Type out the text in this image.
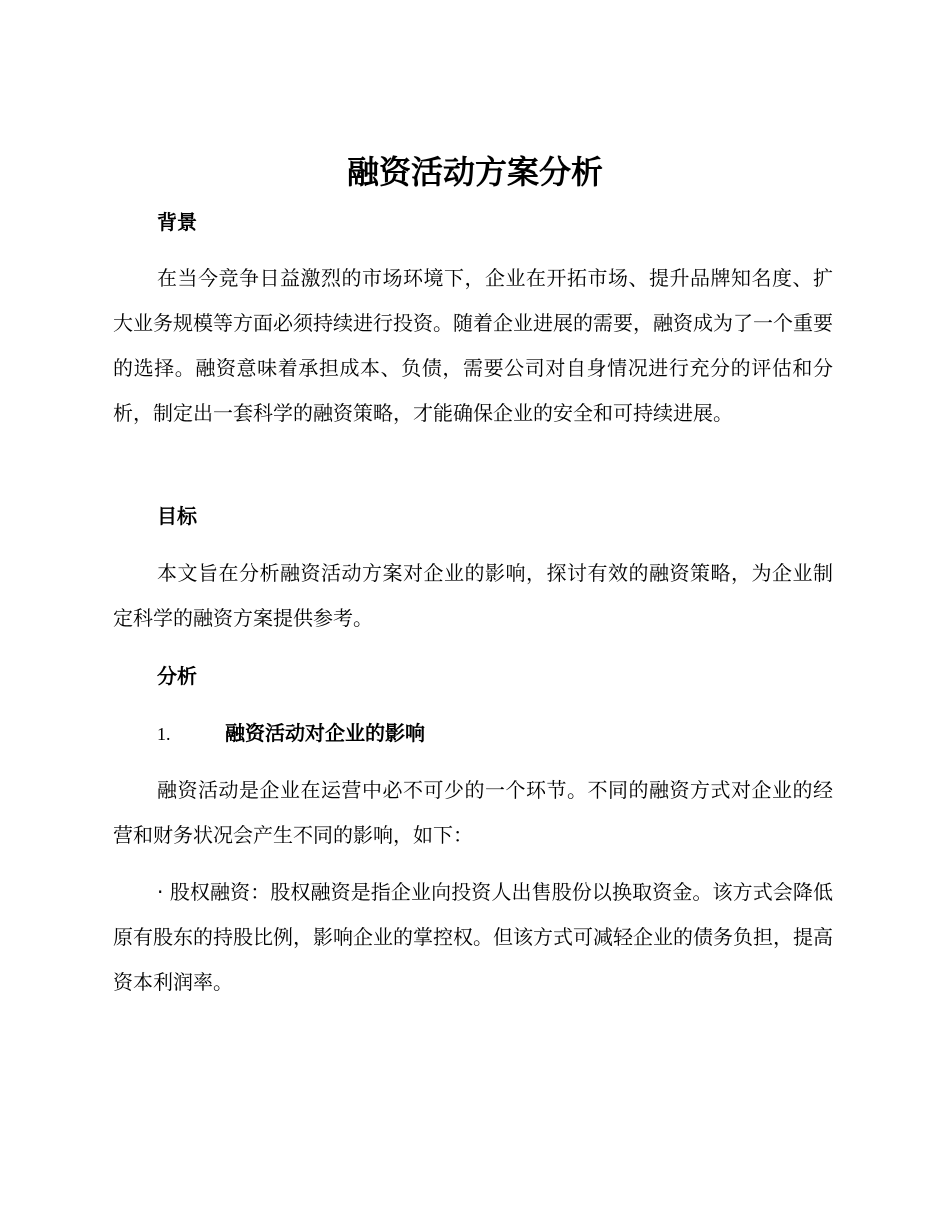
融资活动方案分析
背景
在当今竞争日益激烈的市场环境下，企业在开拓市场、提升品牌知名度、扩大业务规模等方面必须持续进行投资。随着企业进展的需要，融资成为了一个重要的选择。融资意味着承担成本、负债，需要公司对自身情况进行充分的评估和分析，制定出一套科学的融资策略，才能确保企业的安全和可持续进展。
目标
本文旨在分析融资活动方案对企业的影响，探讨有效的融资策略，为企业制定科学的融资方案提供参考。
分析
1.	融资活动对企业的影响
融资活动是企业在运营中必不可少的一个环节。不同的融资方式对企业的经营和财务状况会产生不同的影响，如下：
· 股权融资：股权融资是指企业向投资人出售股份以换取资金。该方式会降低原有股东的持股比例，影响企业的掌控权。但该方式可减轻企业的债务负担，提高资本利润率。
